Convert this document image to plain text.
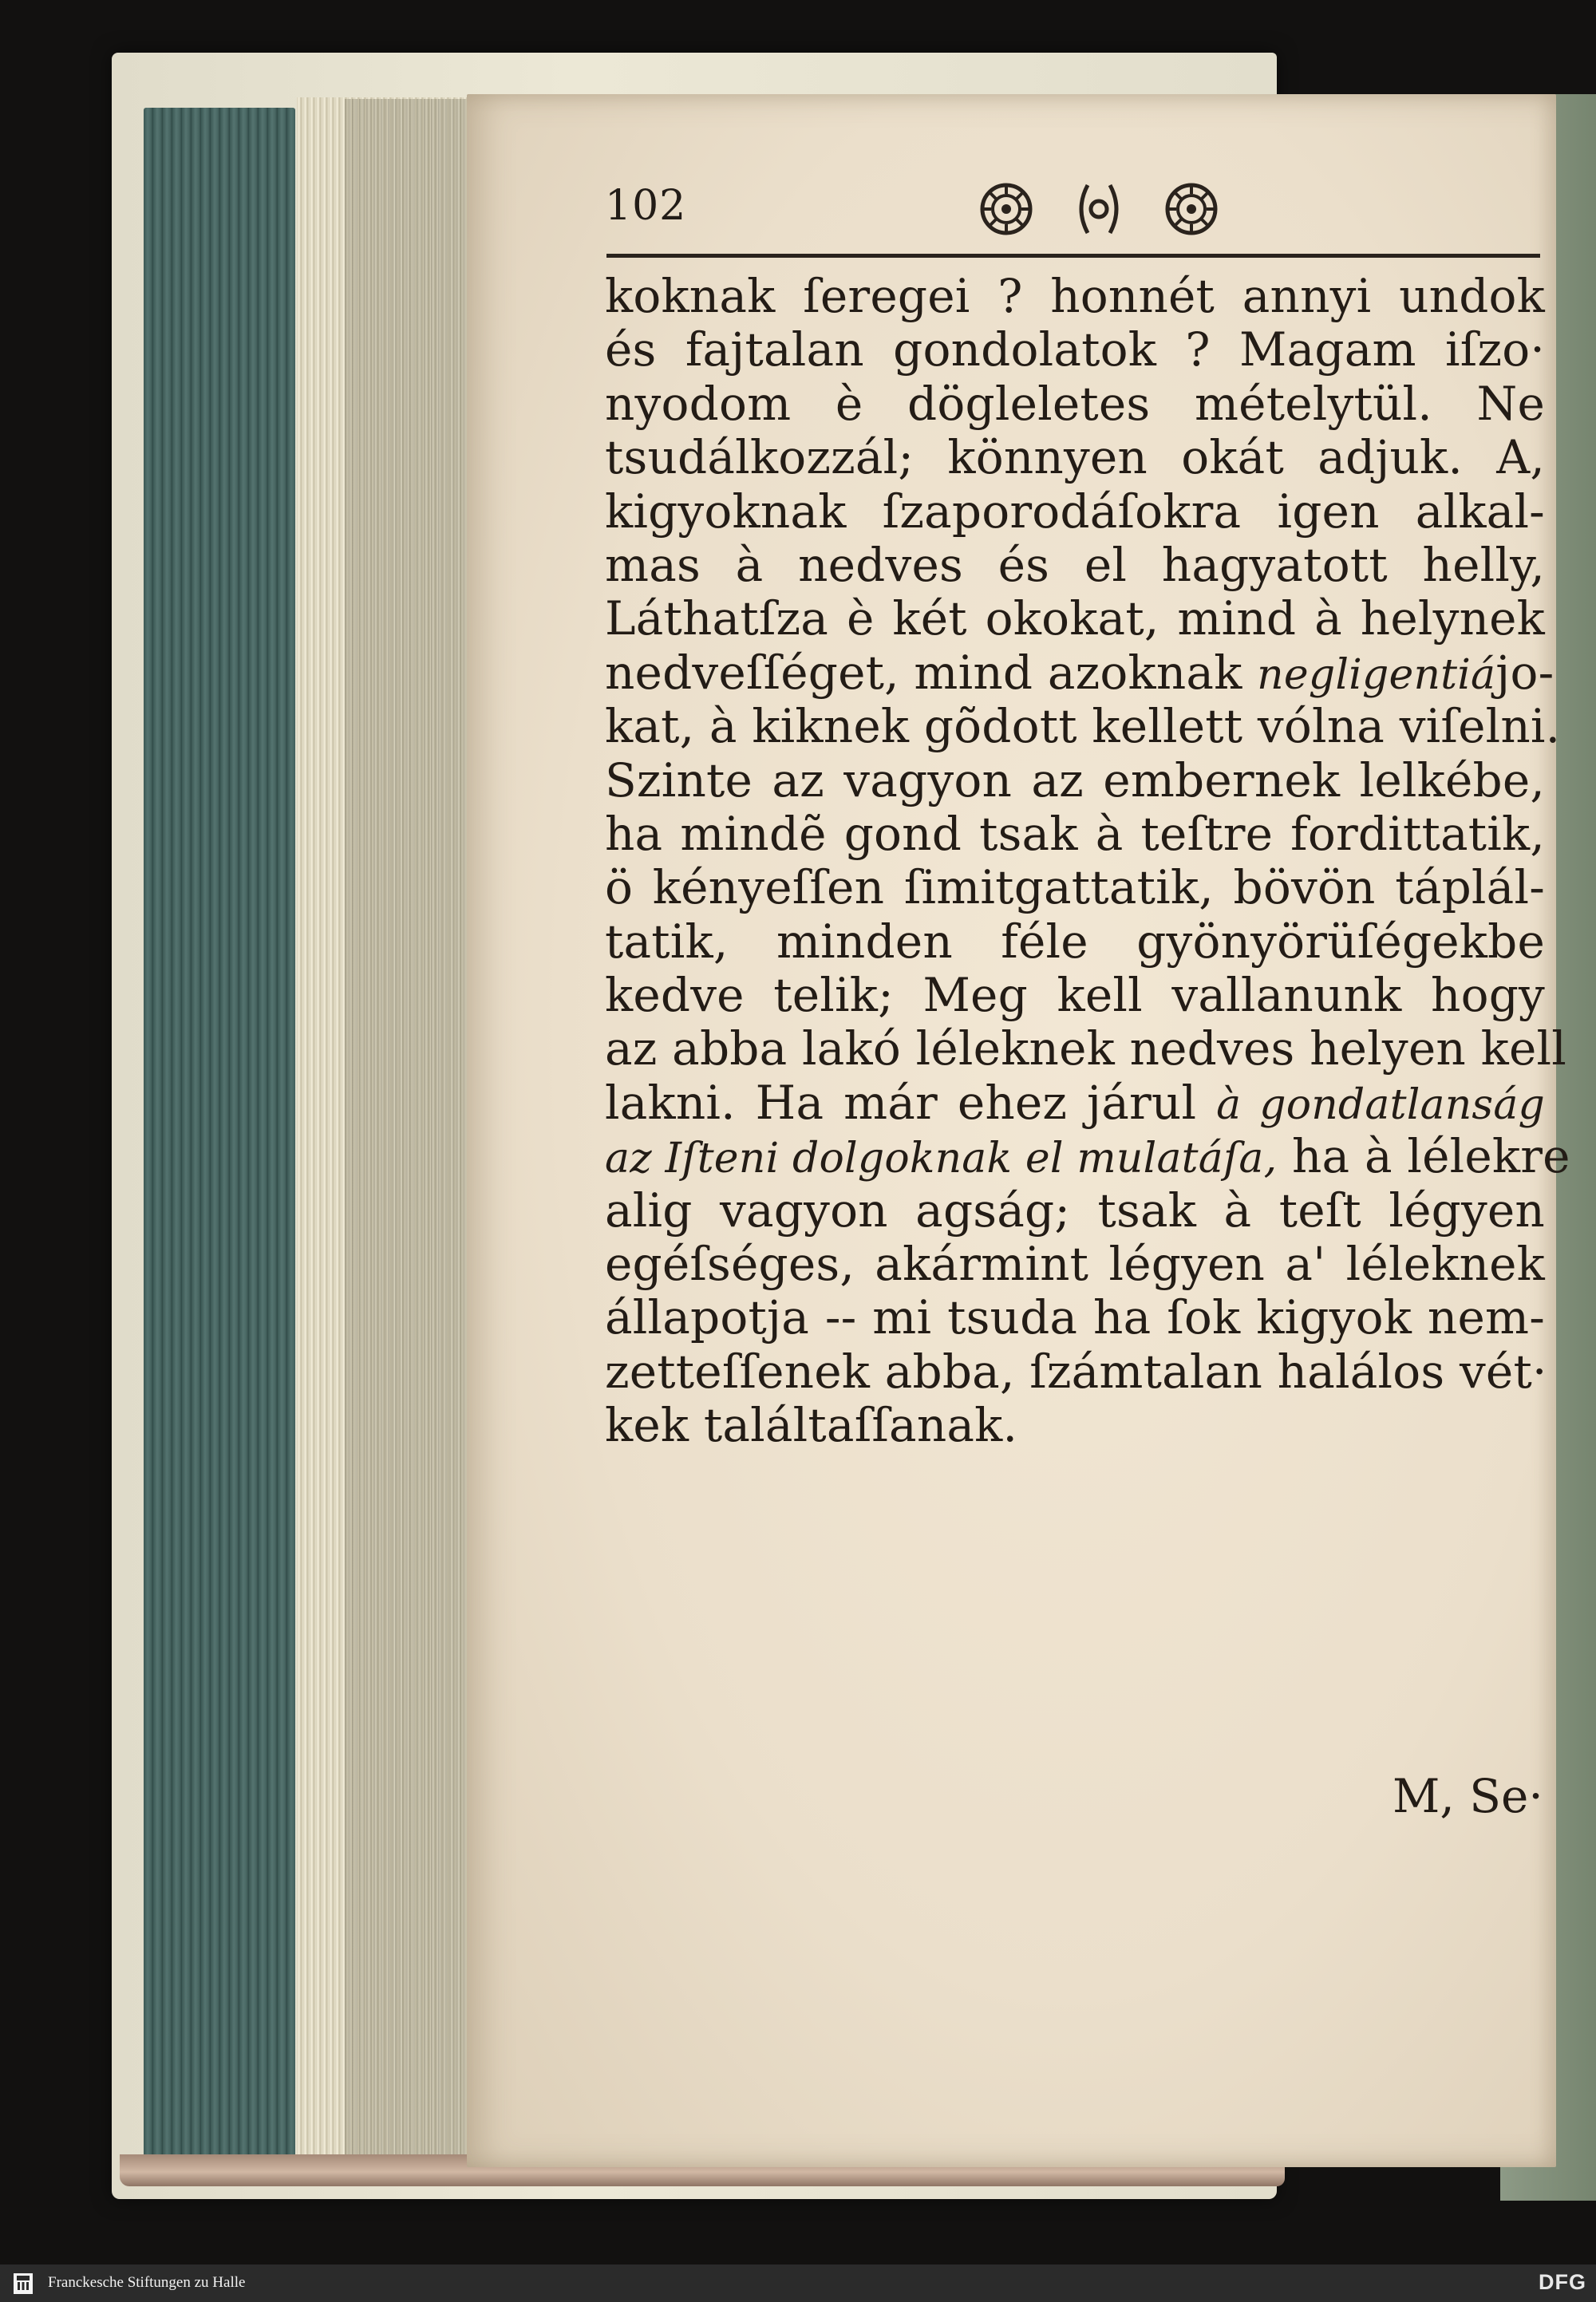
102
koknak ſeregei ? honnét annyi undok
és fajtalan gondolatok ? Magam iſzo·
nyodom è dögleletes mételytül. Ne
tsudálkozzál; könnyen okát adjuk. A,
kigyoknak ſzaporodáſokra igen alkal-
mas à nedves és el hagyatott helly,
Láthatſza è két okokat, mind à helynek
nedveſſéget, mind azoknak negligentiájo-
kat, à kiknek gõdott kellett vólna viſelni.
Szinte az vagyon az embernek lelkébe,
ha mindẽ gond tsak à teſtre fordittatik,
ö kényeſſen ſimitgattatik, bövön táplál-
tatik, minden féle gyönyörüſégekbe
kedve telik; Meg kell vallanunk hogy
az abba lakó léleknek nedves helyen kell
lakni. Ha már ehez járul à gondatlanság
az Iſteni dolgoknak el mulatáſa, ha à lélekre
alig vagyon agság; tsak à teſt légyen
egéſséges, akármint légyen a' léleknek
állapotja -- mi tsuda ha ſok kigyok nem-
zetteſſenek abba, ſzámtalan halálos vét·
kek találtaſſanak.
M, Se·
Franckesche Stiftungen zu Halle	DFG
